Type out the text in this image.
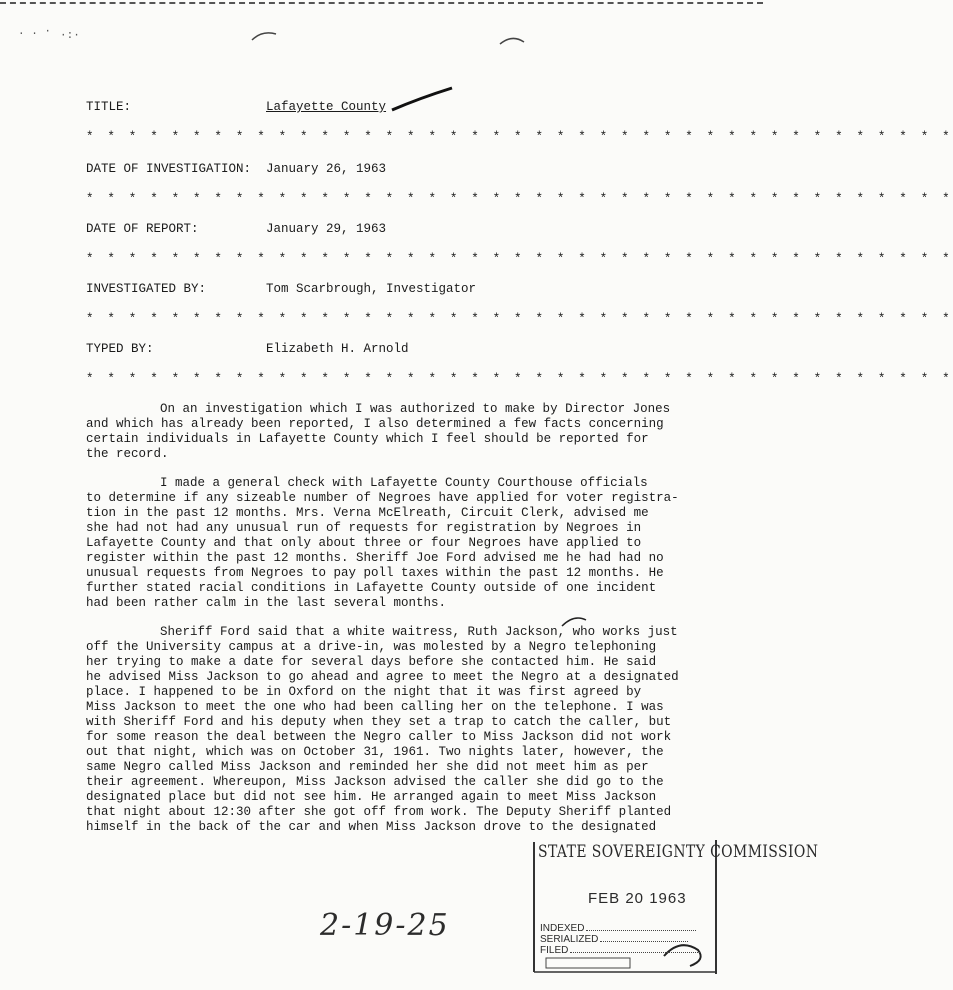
. . · ·:·
TITLE:	Lafayette County
* * * * * * * * * * * * * * * * * * * * * * * * * * * * * * * * * * * * * * * * *
DATE OF INVESTIGATION: January 26, 1963
* * * * * * * * * * * * * * * * * * * * * * * * * * * * * * * * * * * * * * * * *
DATE OF REPORT:	January 29, 1963
* * * * * * * * * * * * * * * * * * * * * * * * * * * * * * * * * * * * * * * * *
INVESTIGATED BY:	Tom Scarbrough, Investigator
* * * * * * * * * * * * * * * * * * * * * * * * * * * * * * * * * * * * * * * * *
TYPED BY:	Elizabeth H. Arnold
* * * * * * * * * * * * * * * * * * * * * * * * * * * * * * * * * * * * * * * * *
On an investigation which I was authorized to make by Director Jones
and which has already been reported, I also determined a few facts concerning
certain individuals in Lafayette County which I feel should be reported for
the record.
I made a general check with Lafayette County Courthouse officials
to determine if any sizeable number of Negroes have applied for voter registra-
tion in the past 12 months. Mrs. Verna McElreath, Circuit Clerk, advised me
she had not had any unusual run of requests for registration by Negroes in
Lafayette County and that only about three or four Negroes have applied to
register within the past 12 months. Sheriff Joe Ford advised me he had had no
unusual requests from Negroes to pay poll taxes within the past 12 months. He
further stated racial conditions in Lafayette County outside of one incident
had been rather calm in the last several months.
Sheriff Ford said that a white waitress, Ruth Jackson, who works just
off the University campus at a drive-in, was molested by a Negro telephoning
her trying to make a date for several days before she contacted him. He said
he advised Miss Jackson to go ahead and agree to meet the Negro at a designated
place. I happened to be in Oxford on the night that it was first agreed by
Miss Jackson to meet the one who had been calling her on the telephone. I was
with Sheriff Ford and his deputy when they set a trap to catch the caller, but
for some reason the deal between the Negro caller to Miss Jackson did not work
out that night, which was on October 31, 1961. Two nights later, however, the
same Negro called Miss Jackson and reminded her she did not meet him as per
their agreement. Whereupon, Miss Jackson advised the caller she did go to the
designated place but did not see him. He arranged again to meet Miss Jackson
that night about 12:30 after she got off from work. The Deputy Sheriff planted
himself in the back of the car and when Miss Jackson drove to the designated
STATE SOVEREIGNTY COMMISSION
FEB 20 1963
INDEXED
SERIALIZED
FILED
2-19-25
